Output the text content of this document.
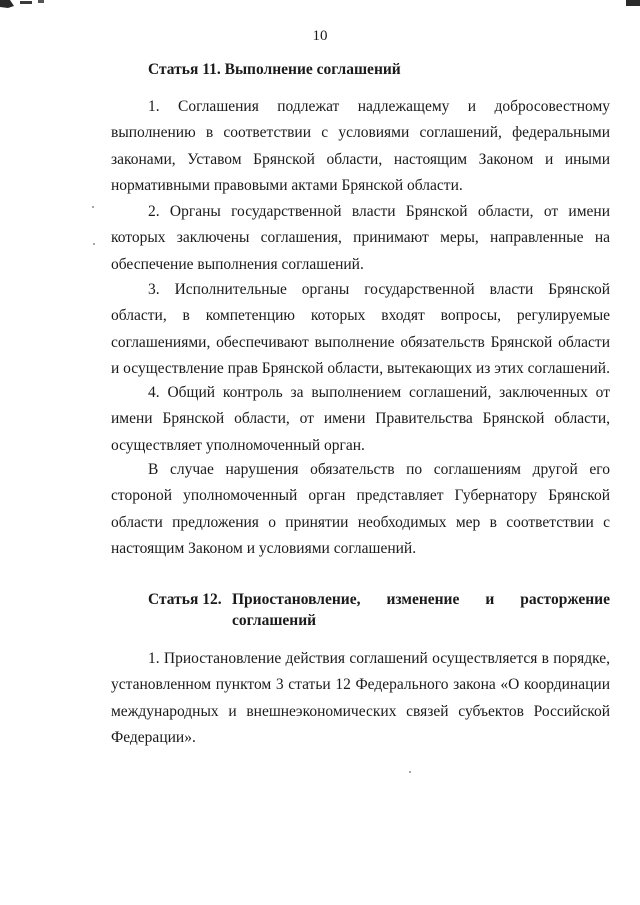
10
Статья 11. Выполнение соглашений
1. Соглашения подлежат надлежащему и добросовестному выполнению в соответствии с условиями соглашений, федеральными законами, Уставом Брянской области, настоящим Законом и иными нормативными правовыми актами Брянской области.
2. Органы государственной власти Брянской области, от имени которых заключены соглашения, принимают меры, направленные на обеспечение выполнения соглашений.
3. Исполнительные органы государственной власти Брянской области, в компетенцию которых входят вопросы, регулируемые соглашениями, обеспечивают выполнение обязательств Брянской области и осуществление прав Брянской области, вытекающих из этих соглашений.
4. Общий контроль за выполнением соглашений, заключенных от имени Брянской области, от имени Правительства Брянской области, осуществляет уполномоченный орган.
В случае нарушения обязательств по соглашениям другой его стороной уполномоченный орган представляет Губернатору Брянской области предложения о принятии необходимых мер в соответствии с настоящим Законом и условиями соглашений.
Статья 12. Приостановление, изменение и расторжение соглашений
1. Приостановление действия соглашений осуществляется в порядке, установленном пунктом 3 статьи 12 Федерального закона «О координации международных и внешнеэкономических связей субъектов Российской Федерации».
